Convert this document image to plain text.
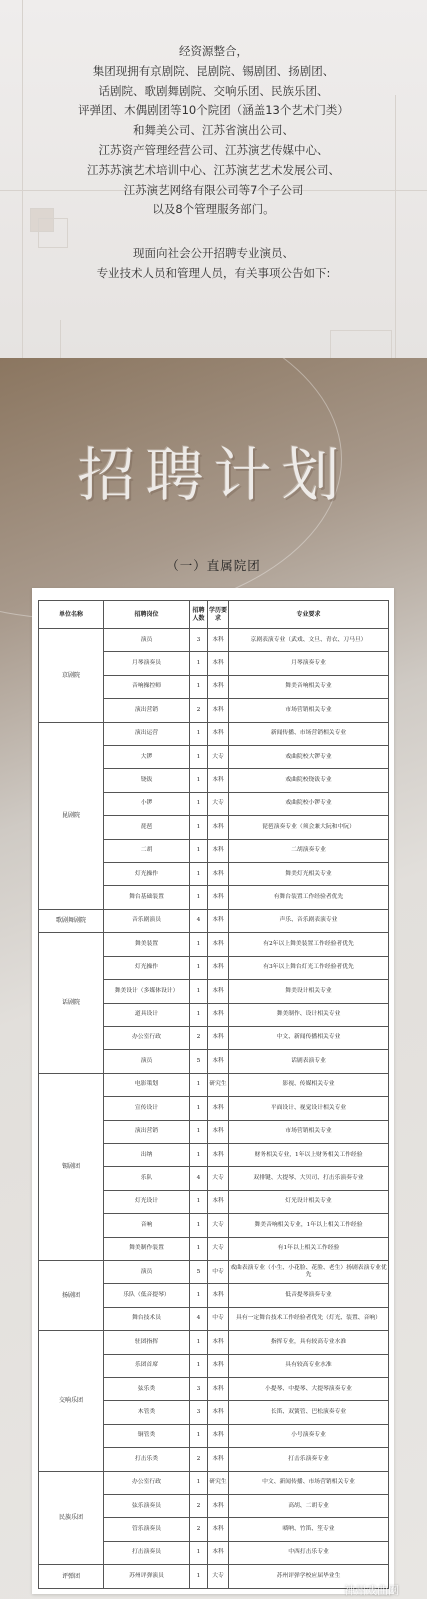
经资源整合，
集团现拥有京剧院、昆剧院、锡剧团、扬剧团、
话剧院、歌剧舞剧院、交响乐团、民族乐团、
评弹团、木偶剧团等10个院团（涵盖13个艺术门类）
和舞美公司、江苏省演出公司、
江苏资产管理经营公司、江苏演艺传媒中心、
江苏苏演艺术培训中心、江苏演艺艺术发展公司、
江苏演艺网络有限公司等7个子公司
以及8个管理服务部门。
现面向社会公开招聘专业演员、
专业技术人员和管理人员，有关事项公告如下:
招聘计划
（一）直属院团
单位名称	招聘岗位	招聘人数	学历要求	专业要求
京剧院	演员	3	本科	京剧表演专业（武戏、文旦、青衣、刀马旦）
	月琴演奏员	1	本科	月琴演奏专业
	音响操控师	1	本科	舞美音响相关专业
	演出营销	2	本科	市场营销相关专业
昆剧院	演出运营	1	本科	新闻传播、市场营销相关专业
	大锣	1	大专	戏曲院校大锣专业
	铙钹	1	本科	戏曲院校铙钹专业
	小锣	1	大专	戏曲院校小锣专业
	琵琶	1	本科	琵琶演奏专业（须会兼大阮和中阮）
	二胡	1	本科	二胡演奏专业
	灯光操作	1	本科	舞美灯光相关专业
	舞台基础装置	1	本科	有舞台装置工作经验者优先
歌剧舞剧院	音乐剧演员	4	本科	声乐、音乐剧表演专业
话剧院	舞美装置	1	本科	有2年以上舞美装置工作经验者优先
	灯光操作	1	本科	有3年以上舞台灯光工作经验者优先
	舞美设计（多媒体设计）	1	本科	舞美设计相关专业
	道具设计	1	本科	舞美制作、设计相关专业
	办公室行政	2	本科	中文、新闻传播相关专业
	演员	5	本科	话剧表演专业
锡剧团	电影策划	1	研究生	影视、传媒相关专业
	宣传设计	1	本科	平面设计、视觉设计相关专业
	演出营销	1	本科	市场营销相关专业
	出纳	1	本科	财务相关专业，1年以上财务相关工作经验
	乐队	4	大专	双排键、大提琴、大贝司、打击乐演奏专业
	灯光设计	1	本科	灯光设计相关专业
	音响	1	大专	舞美音响相关专业，1年以上相关工作经验
	舞美制作装置	1	大专	有1年以上相关工作经验
扬剧团	演员	5	中专	戏曲表演专业（小生、小花脸、花脸、老生）扬剧表演专业优先
	乐队（低音提琴）	1	本科	低音提琴演奏专业
	舞台技术员	4	中专	具有一定舞台技术工作经验者优先（灯光、装置、音响）
交响乐团	驻团指挥	1	本科	指挥专业，具有较高专业水准
	乐团首席	1	本科	具有较高专业水准
	弦乐类	3	本科	小提琴、中提琴、大提琴演奏专业
	木管类	3	本科	长笛、双簧管、巴松演奏专业
	铜管类	1	本科	小号演奏专业
	打击乐类	2	本科	打击乐演奏专业
民族乐团	办公室行政	1	研究生	中文、新闻传播、市场营销相关专业
	弦乐演奏员	2	本科	高胡、二胡专业
	管乐演奏员	2	本科	唢呐、竹笛、笙专业
	打击演奏员	1	本科	中西打击乐专业
评弹团	苏州评弹演员	1	大专	苏州评弹学校应届毕业生
神州戏曲网
